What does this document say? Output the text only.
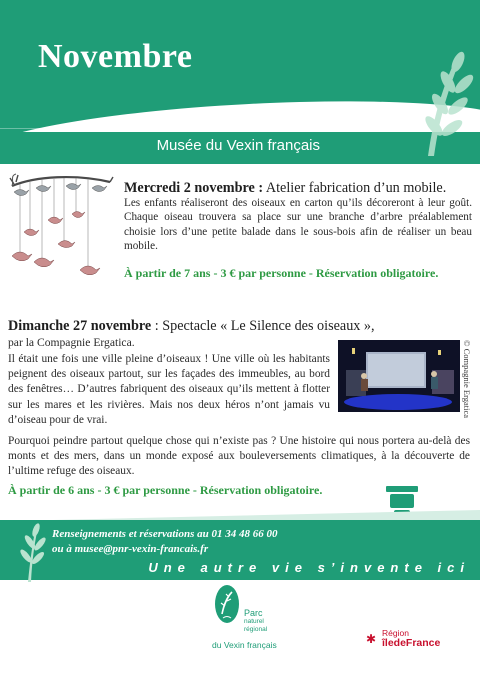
Novembre
Musée du Vexin français
Mercredi 2 novembre : Atelier fabrication d’un mobile.
Les enfants réaliseront des oiseaux en carton qu’ils décoreront à leur goût. Chaque oiseau trouvera sa place sur une branche d’arbre préalablement choisie lors d’une petite balade dans le sous-bois afin de réaliser un beau mobile.
À partir de 7 ans - 3 € par personne - Réservation obligatoire.
Dimanche 27 novembre : Spectacle « Le Silence des oiseaux »,
par la Compagnie Ergatica.
Il était une fois une ville pleine d’oiseaux ! Une ville où les habitants peignent des oiseaux partout, sur les façades des immeubles, au bord des fenêtres… D’autres fabriquent des oiseaux qu’ils mettent à flotter sur les mares et les rivières. Mais nos deux héros n’ont jamais vu d’oiseau pour de vrai.
Pourquoi peindre partout quelque chose qui n’existe pas ? Une histoire qui nous portera au-delà des monts et des mers, dans un monde exposé aux bouleversements climatiques, à la découverte de l’ultime refuge des oiseaux.
À partir de 6 ans - 3 € par personne - Réservation obligatoire.
© Compagnie Ergatica
Renseignements et réservations au 01 34 48 66 00
ou à musee@pnr-vexin-francais.fr
Une autre vie s’invente ici
Parc
naturel
régional
du Vexin français	✱ Région
îledeFrance
